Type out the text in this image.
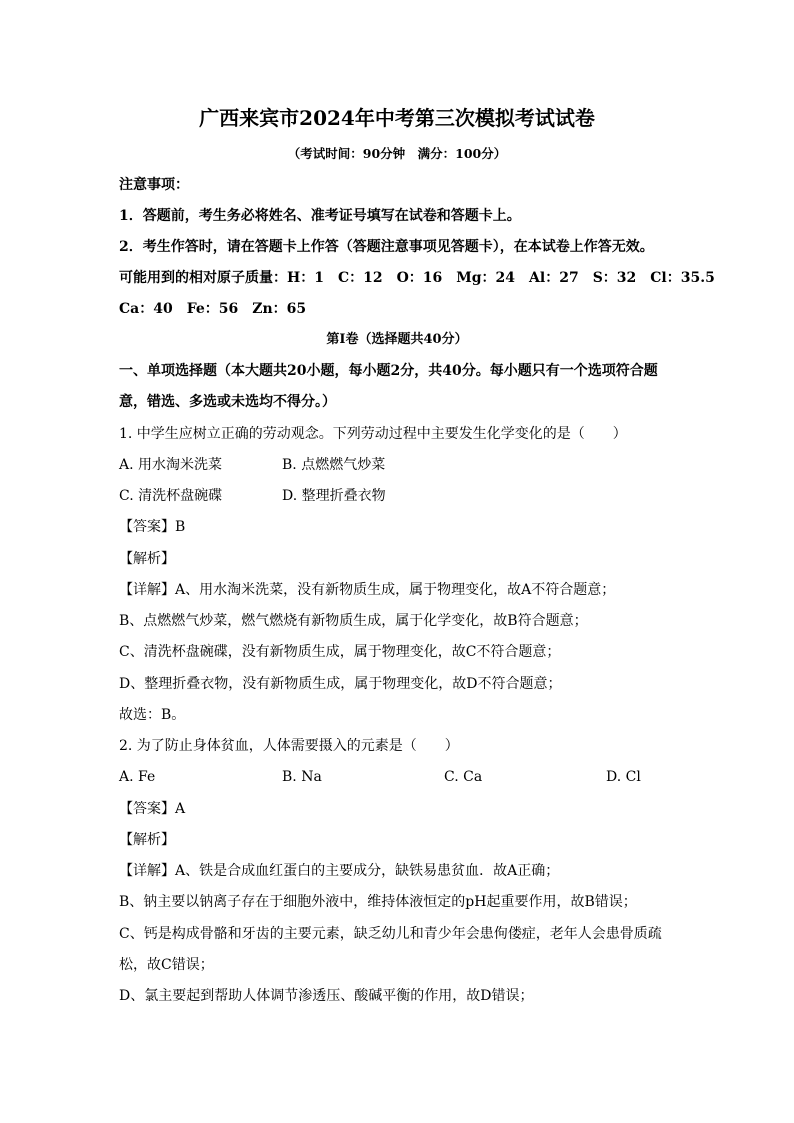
广西来宾市2024年中考第三次模拟考试试卷
（考试时间：90分钟　满分：100分）
注意事项：
1．答题前，考生务必将姓名、准考证号填写在试卷和答题卡上。
2．考生作答时，请在答题卡上作答（答题注意事项见答题卡），在本试卷上作答无效。
可能用到的相对原子质量：H：1　C：12　O：16　Mg：24　Al：27　S：32　Cl：35.5
Ca：40　Fe：56　Zn：65
第I卷（选择题共40分）
一、单项选择题（本大题共20小题，每小题2分，共40分。每小题只有一个选项符合题
意，错选、多选或未选均不得分。）
1. 中学生应树立正确的劳动观念。下列劳动过程中主要发生化学变化的是（　　）
A. 用水淘米洗菜	B. 点燃燃气炒菜
C. 清洗杯盘碗碟	D. 整理折叠衣物
【答案】B
【解析】
【详解】A、用水淘米洗菜，没有新物质生成，属于物理变化，故A不符合题意；
B、点燃燃气炒菜，燃气燃烧有新物质生成，属于化学变化，故B符合题意；
C、清洗杯盘碗碟，没有新物质生成，属于物理变化，故C不符合题意；
D、整理折叠衣物，没有新物质生成，属于物理变化，故D不符合题意；
故选：B。
2. 为了防止身体贫血，人体需要摄入的元素是（　　）
A. Fe	B. Na	C. Ca	D. Cl
【答案】A
【解析】
【详解】A、铁是合成血红蛋白的主要成分，缺铁易患贫血．故A正确；
B、钠主要以钠离子存在于细胞外液中，维持体液恒定的pH起重要作用，故B错误；
C、钙是构成骨骼和牙齿的主要元素，缺乏幼儿和青少年会患佝偻症，老年人会患骨质疏
松，故C错误；
D、氯主要起到帮助人体调节渗透压、酸碱平衡的作用，故D错误；
